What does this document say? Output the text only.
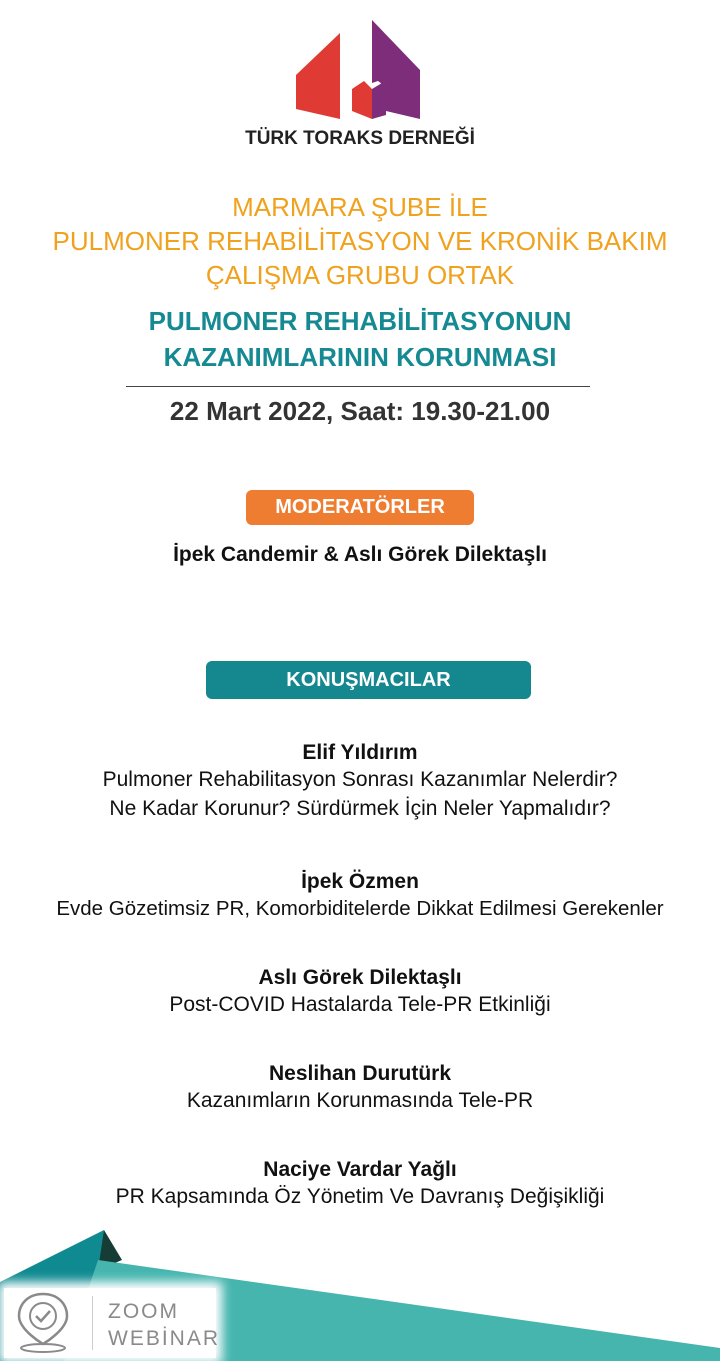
TÜRK TORAKS DERNEĞİ
MARMARA ŞUBE İLE
PULMONER REHABİLİTASYON VE KRONİK BAKIM
ÇALIŞMA GRUBU ORTAK
PULMONER REHABİLİTASYONUN
KAZANIMLARININ KORUNMASI
22 Mart 2022, Saat: 19.30-21.00
MODERATÖRLER
İpek Candemir & Aslı Görek Dilektaşlı
KONUŞMACILAR
Elif Yıldırım
Pulmoner Rehabilitasyon Sonrası Kazanımlar Nelerdir?
Ne Kadar Korunur? Sürdürmek İçin Neler Yapmalıdır?
İpek Özmen
Evde Gözetimsiz PR, Komorbiditelerde Dikkat Edilmesi Gerekenler
Aslı Görek Dilektaşlı
Post-COVID Hastalarda Tele-PR Etkinliği
Neslihan Durutürk
Kazanımların Korunmasında Tele-PR
Naciye Vardar Yağlı
PR Kapsamında Öz Yönetim Ve Davranış Değişikliği
ZOOM
WEBİNAR
